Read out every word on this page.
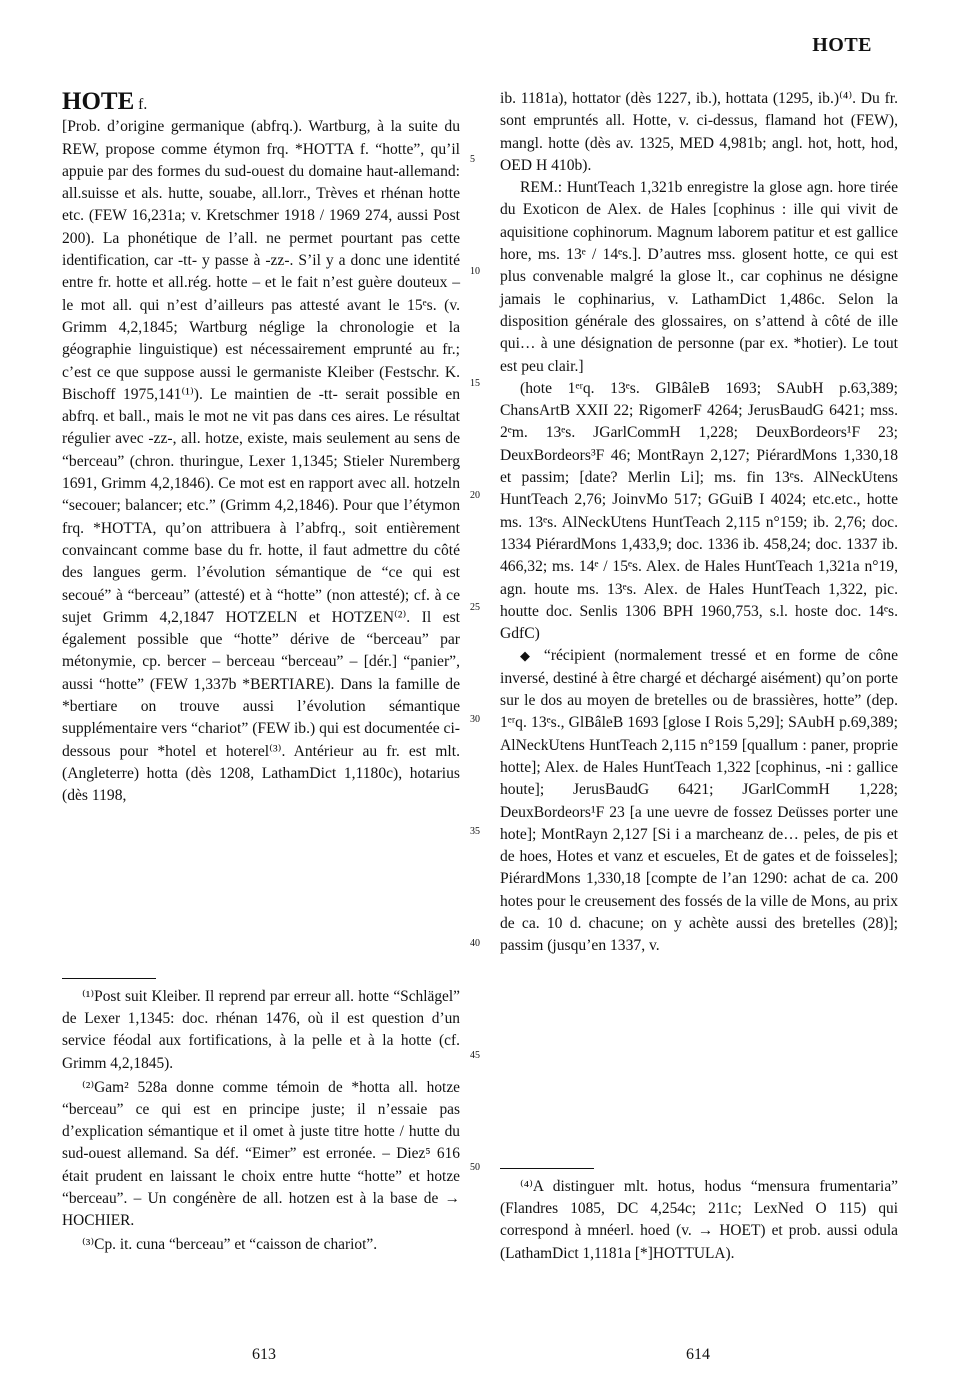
HOTE

HOTE f.

[Prob. d’origine germanique (abfrq.). Wartburg, à la suite du REW, propose comme étymon frq. *HOTTA f. “hotte”, qu’il appuie par des formes du sud-ouest du domaine haut-allemand: all.suisse et als. hutte, souabe, all.lorr., Trèves et rhénan hotte etc. (FEW 16,231a; v. Kretschmer 1918 / 1969 274, aussi Post 200). La phonétique de l’all. ne permet pourtant pas cette identification, car -tt- y passe à -zz-. S’il y a donc une identité entre fr. hotte et all.rég. hotte – et le fait n’est guère douteux – le mot all. qui n’est d’ailleurs pas attesté avant le 15ᵉs. (v. Grimm 4,2,1845; Wartburg néglige la chronologie et la géographie linguistique) est nécessairement emprunté au fr.; c’est ce que suppose aussi le germaniste Kleiber (Festschr. K. Bischoff 1975,141⁽¹⁾). Le maintien de -tt- serait possible en abfrq. et ball., mais le mot ne vit pas dans ces aires. Le résultat régulier avec -zz-, all. hotze, existe, mais seulement au sens de “berceau” (chron. thuringue, Lexer 1,1345; Stieler Nuremberg 1691, Grimm 4,2,1846). Ce mot est en rapport avec all. hotzeln “secouer; balancer; etc.” (Grimm 4,2,1846). Pour que l’étymon frq. *HOTTA, qu’on attribuera à l’abfrq., soit entièrement convaincant comme base du fr. hotte, il faut admettre du côté des langues germ. l’évolution sémantique de “ce qui est secoué” à “berceau” (attesté) et à “hotte” (non attesté); cf. à ce sujet Grimm 4,2,1847 HOTZELN et HOTZEN⁽²⁾. Il est également possible que “hotte” dérive de “berceau” par métonymie, cp. bercer – berceau “berceau” – [dér.] “panier”, aussi “hotte” (FEW 1,337b *BERTIARE). Dans la famille de *bertiare on trouve aussi l’évolution sémantique supplémentaire vers “chariot” (FEW ib.) qui est documentée ci-dessous pour *hotel et hoterel⁽³⁾. Antérieur au fr. est mlt. (Angleterre) hotta (dès 1208, LathamDict 1,1180c), hotarius (dès 1198,

5
10
15
20
25
30
35
40
45
50

ib. 1181a), hottator (dès 1227, ib.), hottata (1295, ib.)⁽⁴⁾. Du fr. sont empruntés all. Hotte, v. ci-dessus, flamand hot (FEW), mangl. hotte (dès av. 1325, MED 4,981b; angl. hot, hott, hod, OED H 410b).

REM.: HuntTeach 1,321b enregistre la glose agn. hore tirée du Exoticon de Alex. de Hales [cophinus : ille qui vivit de aquisitione cophinorum. Magnum laborem patitur et est gallice hore, ms. 13ᵉ / 14ᵉs.]. D’autres mss. glosent hotte, ce qui est plus convenable malgré la glose lt., car cophinus ne désigne jamais le cophinarius, v. LathamDict 1,486c. Selon la disposition générale des glossaires, on s’attend à côté de ille qui… à une désignation de personne (par ex. *hotier). Le tout est peu clair.]

(hote 1ᵉʳq. 13ᵉs. GlBâleB 1693; SAubH p.63,389; ChansArtB XXII 22; RigomerF 4264; JerusBaudG 6421; mss. 2ᵉm. 13ᵉs. JGarlCommH 1,228; DeuxBordeors¹F 23; DeuxBordeors³F 46; MontRayn 2,127; PiérardMons 1,330,18 et passim; [date? Merlin Li]; ms. fin 13ᵉs. AlNeckUtens HuntTeach 2,76; JoinvMo 517; GGuiB I 4024; etc.etc., hotte ms. 13ᵉs. AlNeckUtens HuntTeach 2,115 n°159; ib. 2,76; doc. 1334 PiérardMons 1,433,9; doc. 1336 ib. 458,24; doc. 1337 ib. 466,32; ms. 14ᵉ / 15ᵉs. Alex. de Hales HuntTeach 1,321a n°19, agn. houte ms. 13ᵉs. Alex. de Hales HuntTeach 1,322, pic. houtte doc. Senlis 1306 BPH 1960,753, s.l. hoste doc. 14ᵉs. GdfC)

◆ “récipient (normalement tressé et en forme de cône inversé, destiné à être chargé et déchargé aisément) qu’on porte sur le dos au moyen de bretelles ou de brassières, hotte” (dep. 1ᵉʳq. 13ᵉs., GlBâleB 1693 [glose I Rois 5,29]; SAubH p.69,389; AlNeckUtens HuntTeach 2,115 n°159 [quallum : paner, proprie hotte]; Alex. de Hales HuntTeach 1,322 [cophinus, -ni : gallice houte]; JerusBaudG 6421; JGarlCommH 1,228; DeuxBordeors¹F 23 [a une uevre de fossez Deüsses porter une hote]; MontRayn 2,127 [Si i a marcheanz de… peles, de pis et de hoes, Hotes et vanz et escueles, Et de gates et de foisseles]; PiérardMons 1,330,18 [compte de l’an 1290: achat de ca. 200 hotes pour le creusement des fossés de la ville de Mons, au prix de ca. 10 d. chacune; on y achète aussi des bretelles (28)]; passim (jusqu’en 1337, v.

⁽¹⁾Post suit Kleiber. Il reprend par erreur all. hotte “Schlägel” de Lexer 1,1345: doc. rhénan 1476, où il est question d’un service féodal aux fortifications, à la pelle et à la hotte (cf. Grimm 4,2,1845).

⁽²⁾Gam² 528a donne comme témoin de *hotta all. hotze “berceau” ce qui est en principe juste; il n’essaie pas d’explication sémantique et il omet à juste titre hotte / hutte du sud-ouest allemand. Sa déf. “Eimer” est erronée. – Diez⁵ 616 était prudent en laissant le choix entre hutte “hotte” et hotze “berceau”. – Un congénère de all. hotzen est à la base de → HOCHIER.

⁽³⁾Cp. it. cuna “berceau” et “caisson de chariot”.

⁽⁴⁾A distinguer mlt. hotus, hodus “mensura frumentaria” (Flandres 1085, DC 4,254c; 211c; LexNed O 115) qui correspond à mnéerl. hoed (v. → HOET) et prob. aussi odula (LathamDict 1,1181a [*]HOTTULA).

613	614
